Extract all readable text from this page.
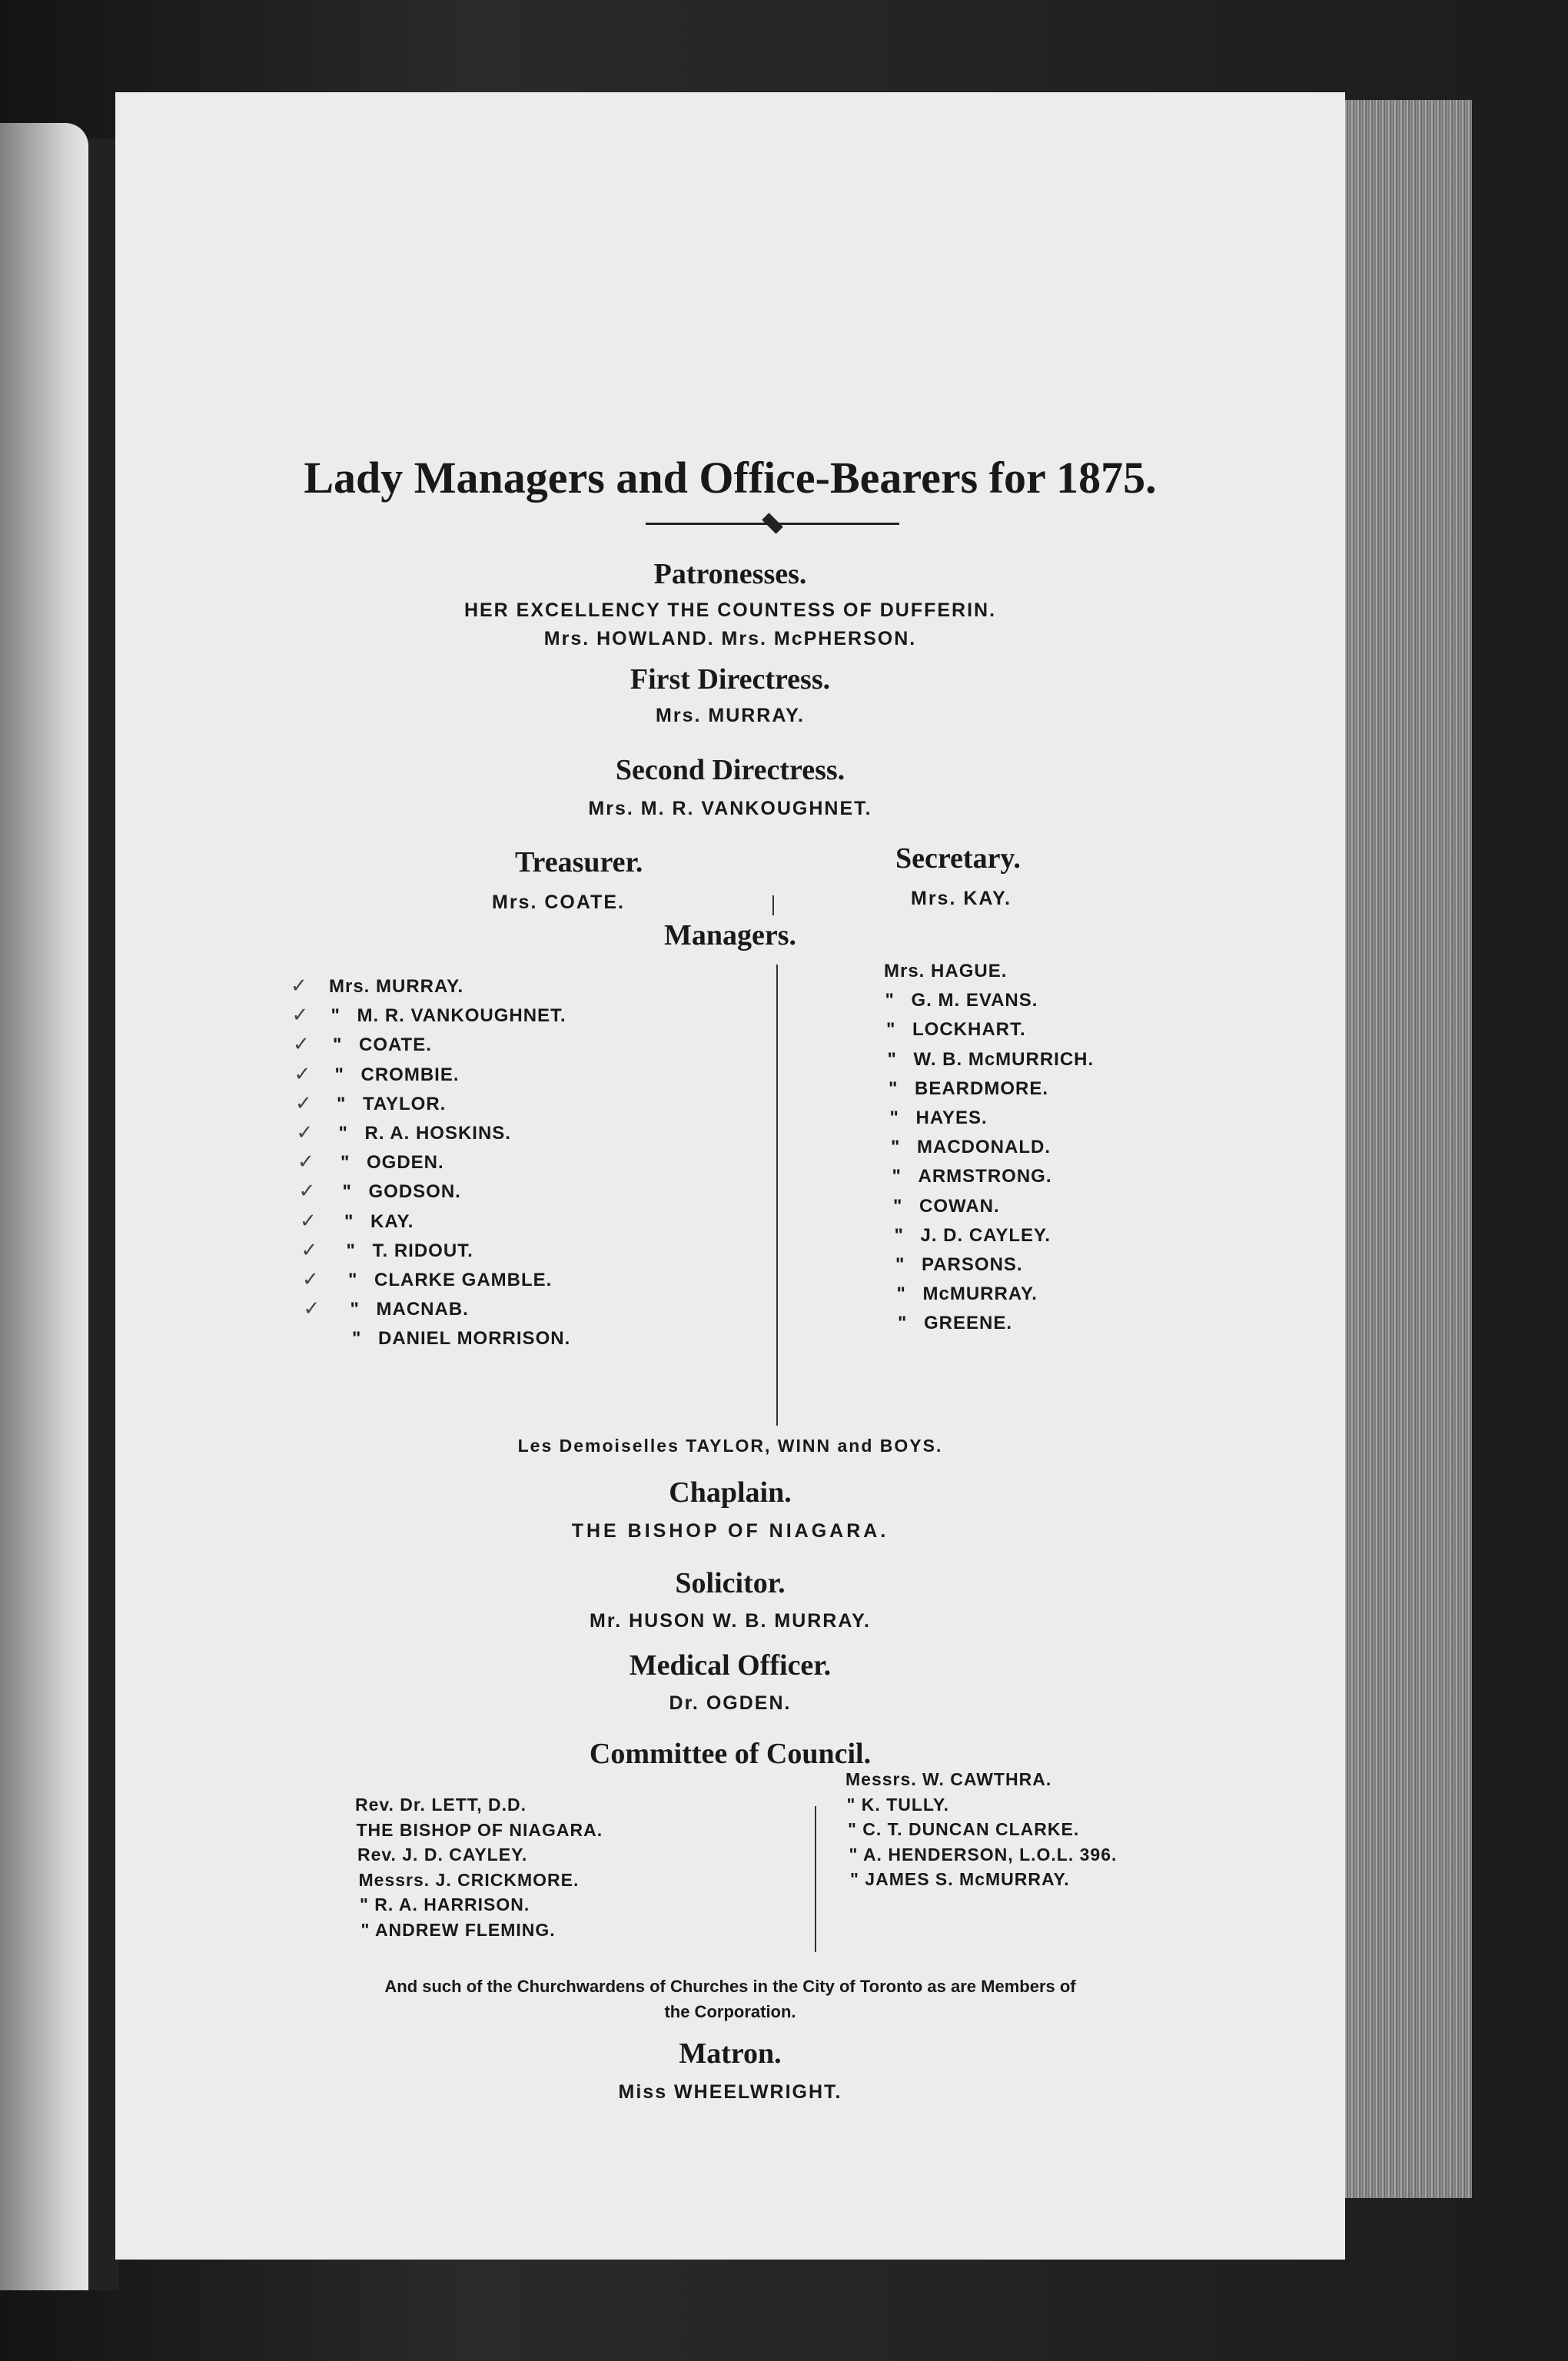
Lady Managers and Office-Bearers for 1875.
Patronesses.
HER EXCELLENCY THE COUNTESS OF DUFFERIN.
Mrs. HOWLAND. Mrs. McPHERSON.
First Directress.
Mrs. MURRAY.
Second Directress.
Mrs. M. R. VANKOUGHNET.
Treasurer.
Mrs. COATE.
Secretary.
Mrs. KAY.
Managers.
Les Demoiselles TAYLOR, WINN and BOYS.
Chaplain.
THE BISHOP OF NIAGARA.
Solicitor.
Mr. HUSON W. B. MURRAY.
Medical Officer.
Dr. OGDEN.
Committee of Council.
And such of the Churchwardens of Churches in the City of Toronto as are Members of
the Corporation.
Matron.
Miss WHEELWRIGHT.
Mrs. MURRAY.
" M. R. VANKOUGHNET.
" COATE.
" CROMBIE.
" TAYLOR.
" R. A. HOSKINS.
" OGDEN.
" GODSON.
" KAY.
" T. RIDOUT.
" CLARKE GAMBLE.
" MACNAB.
" DANIEL MORRISON.
Mrs. HAGUE.
" G. M. EVANS.
" LOCKHART.
" W. B. McMURRICH.
" BEARDMORE.
" HAYES.
" MACDONALD.
" ARMSTRONG.
" COWAN.
" J. D. CAYLEY.
" PARSONS.
" McMURRAY.
" GREENE.
✓
✓
✓
✓
✓
✓
✓
✓
✓
✓
✓
✓
Rev. Dr. LETT, D.D.
THE BISHOP OF NIAGARA.
Rev. J. D. CAYLEY.
Messrs. J. CRICKMORE.
" R. A. HARRISON.
" ANDREW FLEMING.
Messrs. W. CAWTHRA.
" K. TULLY.
" C. T. DUNCAN CLARKE.
" A. HENDERSON, L.O.L. 396.
" JAMES S. McMURRAY.
